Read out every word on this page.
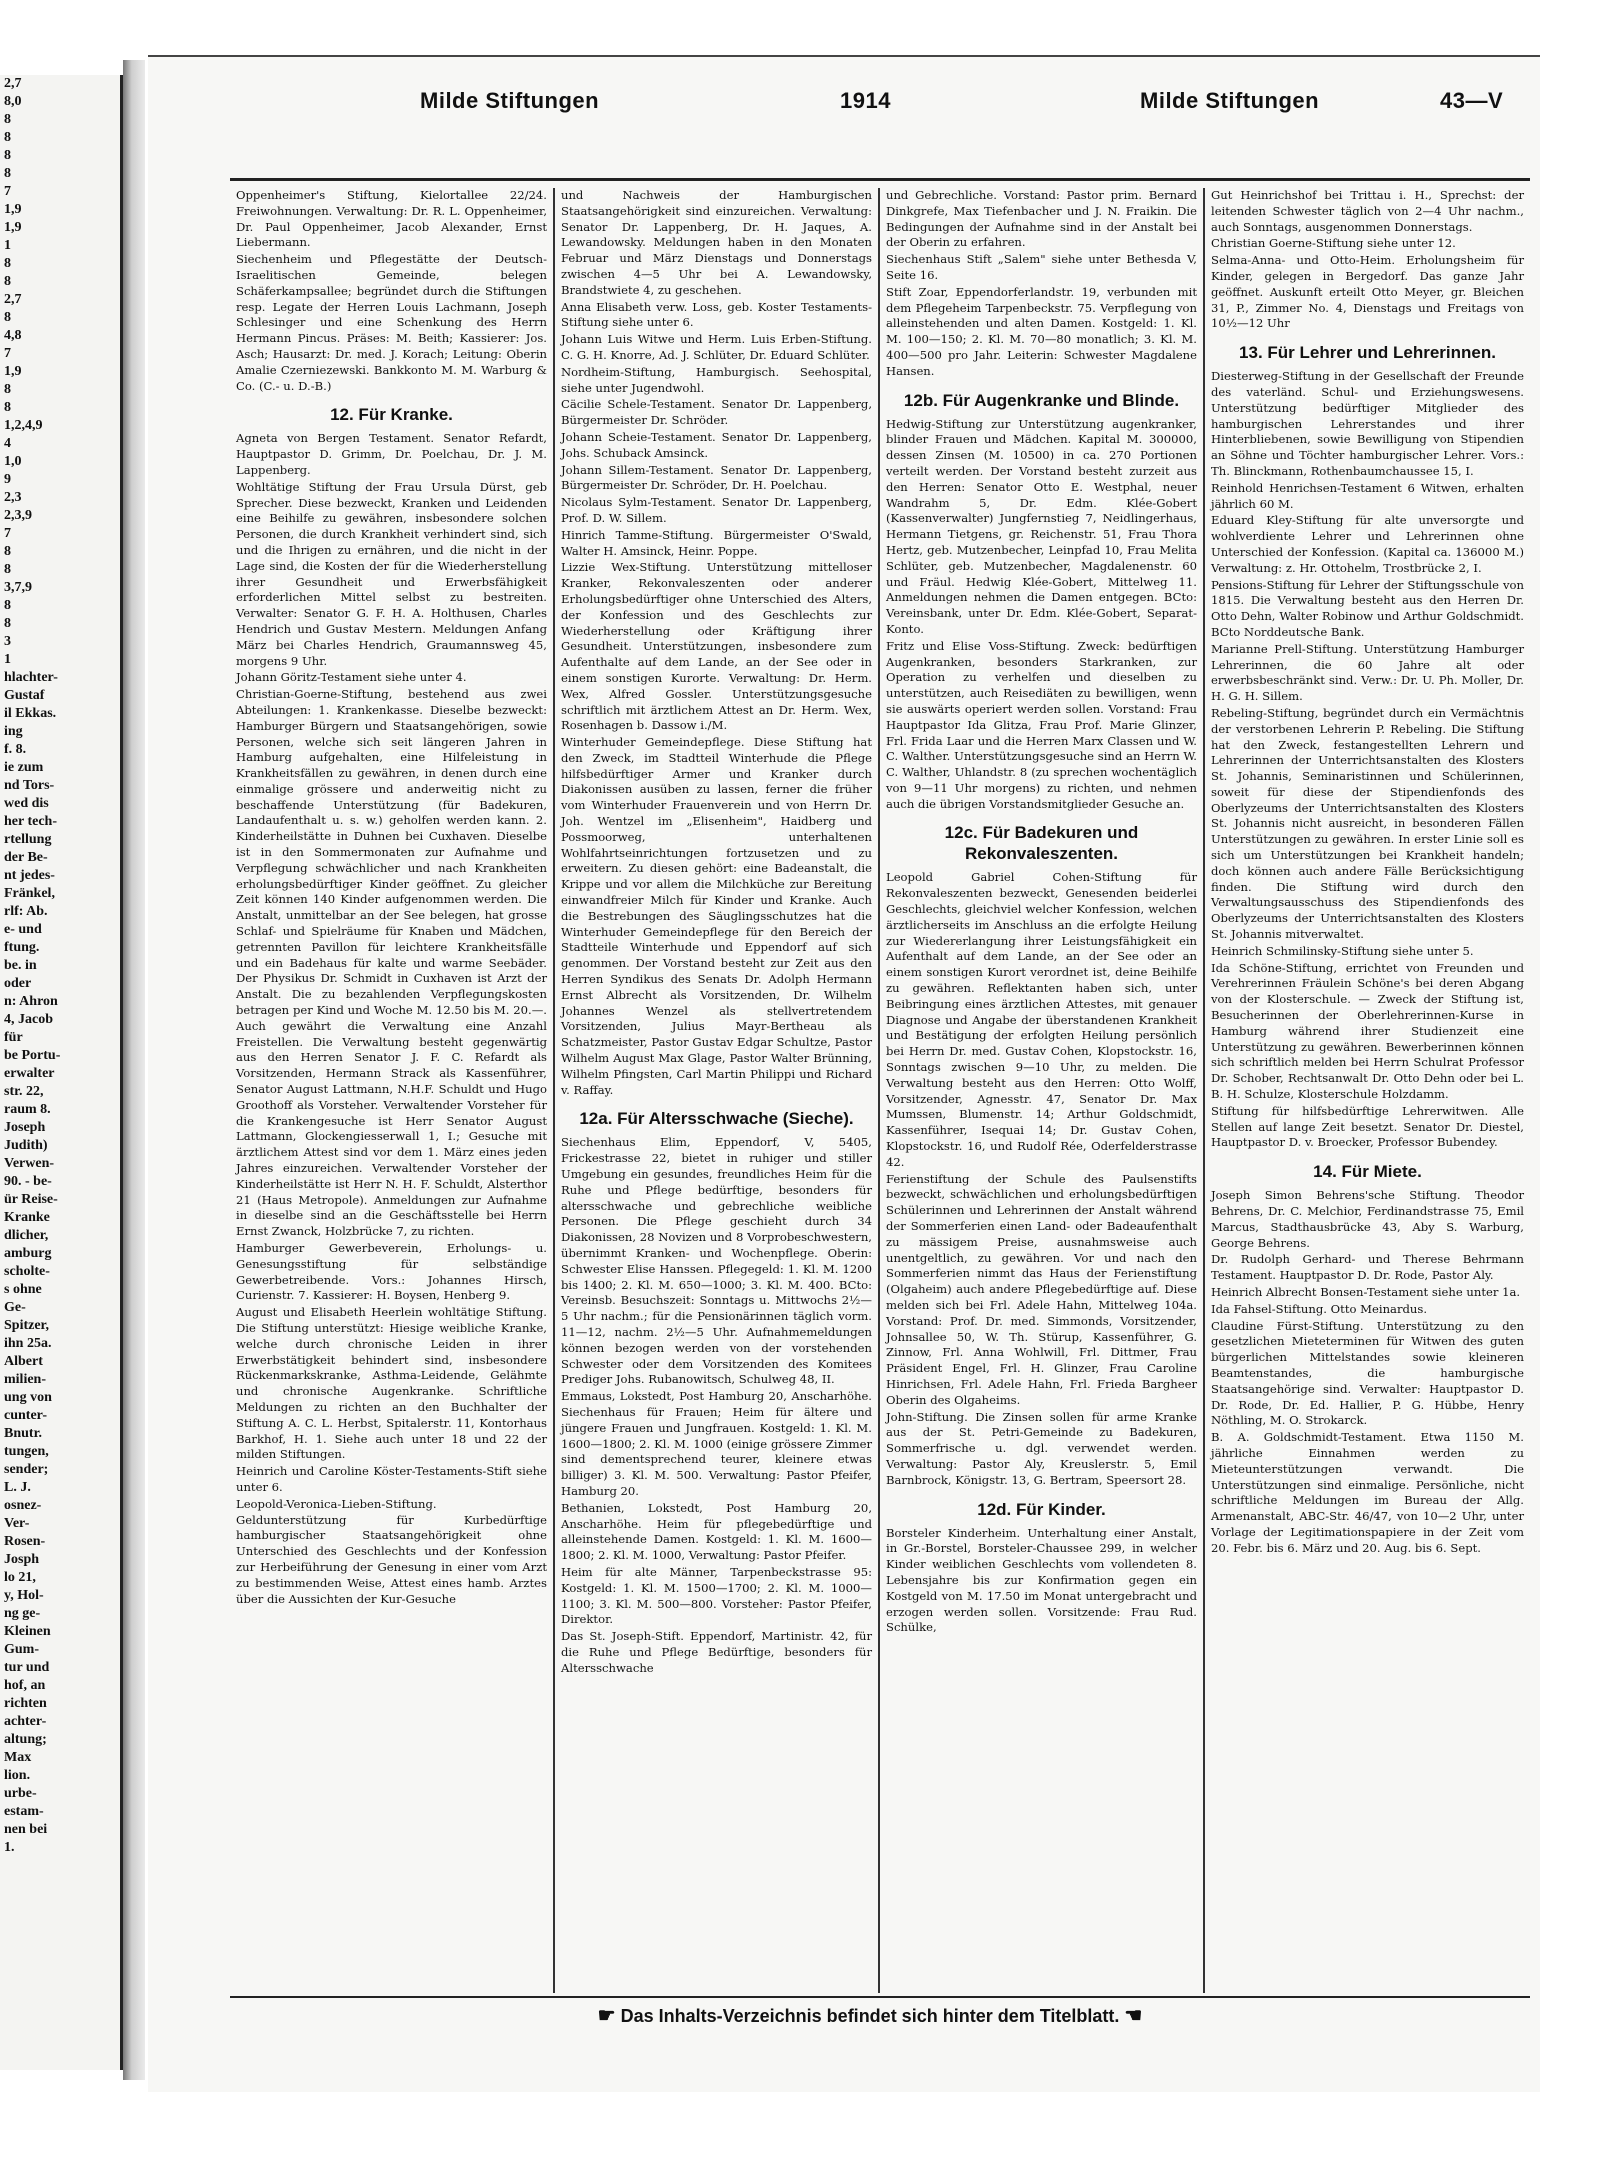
2,7
8,0
8
8
8
8
7
1,9
1,9
1
8
8
2,7
8
4,8
7
1,9
8
8
1,2,4,9
4
1,0
9
2,3
2,3,9
7
8
8
3,7,9
8
8
3
1
hlachter-
Gustaf
il Ekkas.
ing
f. 8.
ie zum
nd Tors-
wed dis
her tech-
rtellung
der Be-
nt jedes-
Fränkel,
rlf: Ab.
e- und
ftung.
be. in
oder
n: Ahron
4, Jacob
für
be Portu-
erwalter
str. 22,
raum 8.
Joseph
Judith)
Verwen-
90. - be-
ür Reise-
Kranke
dlicher,
amburg
scholte-
s ohne
Ge-
Spitzer,
ihn 25a.
Albert
milien-
ung von
cunter-
Bnutr.
tungen,
sender;
L. J.
osnez-
Ver-
Rosen-
Josph
lo 21,
y, Hol-
ng ge-
Kleinen
Gum-
tur und
hof, an
richten
achter-
altung;
Max
lion.
urbe-
estam-
nen bei
1.
Milde Stiftungen	1914	Milde Stiftungen	43—V

Oppenheimer's Stiftung, Kielortallee 22/24. Freiwohnungen. Verwaltung: Dr. R. L. Oppenheimer, Dr. Paul Oppenheimer, Jacob Alexander, Ernst Liebermann.

Siechenheim und Pflegestätte der Deutsch-Israelitischen Gemeinde, belegen Schäferkampsallee; begründet durch die Stiftungen resp. Legate der Herren Louis Lachmann, Joseph Schlesinger und eine Schenkung des Herrn Hermann Pincus. Präses: M. Beith; Kassierer: Jos. Asch; Hausarzt: Dr. med. J. Korach; Leitung: Oberin Amalie Czerniezewski. Bankkonto M. M. Warburg & Co. (C.- u. D.-B.)

12. Für Kranke.

Agneta von Bergen Testament. Senator Refardt, Hauptpastor D. Grimm, Dr. Poelchau, Dr. J. M. Lappenberg.

Wohltätige Stiftung der Frau Ursula Dürst, geb Sprecher. Diese bezweckt, Kranken und Leidenden eine Beihilfe zu gewähren, insbesondere solchen Personen, die durch Krankheit verhindert sind, sich und die Ihrigen zu ernähren, und die nicht in der Lage sind, die Kosten der für die Wiederherstellung ihrer Gesundheit und Erwerbsfähigkeit erforderlichen Mittel selbst zu bestreiten. Verwalter: Senator G. F. H. A. Holthusen, Charles Hendrich und Gustav Mestern. Meldungen Anfang März bei Charles Hendrich, Graumannsweg 45, morgens 9 Uhr.

Johann Göritz-Testament siehe unter 4.

Christian-Goerne-Stiftung, bestehend aus zwei Abteilungen: 1. Krankenkasse. Dieselbe bezweckt: Hamburger Bürgern und Staatsangehörigen, sowie Personen, welche sich seit längeren Jahren in Hamburg aufgehalten, eine Hilfeleistung in Krankheitsfällen zu gewähren, in denen durch eine einmalige grössere und anderweitig nicht zu beschaffende Unterstützung (für Badekuren, Landaufenthalt u. s. w.) geholfen werden kann. 2. Kinderheilstätte in Duhnen bei Cuxhaven. Dieselbe ist in den Sommermonaten zur Aufnahme und Verpflegung schwächlicher und nach Krankheiten erholungsbedürftiger Kinder geöffnet. Zu gleicher Zeit können 140 Kinder aufgenommen werden. Die Anstalt, unmittelbar an der See belegen, hat grosse Schlaf- und Spielräume für Knaben und Mädchen, getrennten Pavillon für leichtere Krankheitsfälle und ein Badehaus für kalte und warme Seebäder. Der Physikus Dr. Schmidt in Cuxhaven ist Arzt der Anstalt. Die zu bezahlenden Verpflegungskosten betragen per Kind und Woche M. 12.50 bis M. 20.—. Auch gewährt die Verwaltung eine Anzahl Freistellen. Die Verwaltung besteht gegenwärtig aus den Herren Senator J. F. C. Refardt als Vorsitzenden, Hermann Strack als Kassenführer, Senator August Lattmann, N.H.F. Schuldt und Hugo Groothoff als Vorsteher. Verwaltender Vorsteher für die Krankengesuche ist Herr Senator August Lattmann, Glockengiesserwall 1, I.; Gesuche mit ärztlichem Attest sind vor dem 1. März eines jeden Jahres einzureichen. Verwaltender Vorsteher der Kinderheilstätte ist Herr N. H. F. Schuldt, Alsterthor 21 (Haus Metropole). Anmeldungen zur Aufnahme in dieselbe sind an die Geschäftsstelle bei Herrn Ernst Zwanck, Holzbrücke 7, zu richten.

Hamburger Gewerbeverein, Erholungs- u. Genesungsstiftung für selbständige Gewerbetreibende. Vors.: Johannes Hirsch, Curienstr. 7. Kassierer: H. Boysen, Henberg 9.

August und Elisabeth Heerlein wohltätige Stiftung. Die Stiftung unterstützt: Hiesige weibliche Kranke, welche durch chronische Leiden in ihrer Erwerbstätigkeit behindert sind, insbesondere Rückenmarkskranke, Asthma-Leidende, Gelähmte und chronische Augenkranke. Schriftliche Meldungen zu richten an den Buchhalter der Stiftung A. C. L. Herbst, Spitalerstr. 11, Kontorhaus Barkhof, H. 1. Siehe auch unter 18 und 22 der milden Stiftungen.

Heinrich und Caroline Köster-Testaments-Stift siehe unter 6.

Leopold-Veronica-Lieben-Stiftung. Geldunterstützung für Kurbedürftige hamburgischer Staatsangehörigkeit ohne Unterschied des Geschlechts und der Konfession zur Herbeiführung der Genesung in einer vom Arzt zu bestimmenden Weise, Attest eines hamb. Arztes über die Aussichten der Kur-Gesuche

und Nachweis der Hamburgischen Staatsangehörigkeit sind einzureichen. Verwaltung: Senator Dr. Lappenberg, Dr. H. Jaques, A. Lewandowsky. Meldungen haben in den Monaten Februar und März Dienstags und Donnerstags zwischen 4—5 Uhr bei A. Lewandowsky, Brandstwiete 4, zu geschehen.

Anna Elisabeth verw. Loss, geb. Koster Testaments-Stiftung siehe unter 6.

Johann Luis Witwe und Herm. Luis Erben-Stiftung. C. G. H. Knorre, Ad. J. Schlüter, Dr. Eduard Schlüter.

Nordheim-Stiftung, Hamburgisch. Seehospital, siehe unter Jugendwohl.

Cäcilie Schele-Testament. Senator Dr. Lappenberg, Bürgermeister Dr. Schröder.

Johann Scheie-Testament. Senator Dr. Lappenberg, Johs. Schuback Amsinck.

Johann Sillem-Testament. Senator Dr. Lappenberg, Bürgermeister Dr. Schröder, Dr. H. Poelchau.

Nicolaus Sylm-Testament. Senator Dr. Lappenberg, Prof. D. W. Sillem.

Hinrich Tamme-Stiftung. Bürgermeister O'Swald, Walter H. Amsinck, Heinr. Poppe.

Lizzie Wex-Stiftung. Unterstützung mittelloser Kranker, Rekonvaleszenten oder anderer Erholungsbedürftiger ohne Unterschied des Alters, der Konfession und des Geschlechts zur Wiederherstellung oder Kräftigung ihrer Gesundheit. Unterstützungen, insbesondere zum Aufenthalte auf dem Lande, an der See oder in einem sonstigen Kurorte. Verwaltung: Dr. Herm. Wex, Alfred Gossler. Unterstützungsgesuche schriftlich mit ärztlichem Attest an Dr. Herm. Wex, Rosenhagen b. Dassow i./M.

Winterhuder Gemeindepflege. Diese Stiftung hat den Zweck, im Stadtteil Winterhude die Pflege hilfsbedürftiger Armer und Kranker durch Diakonissen ausüben zu lassen, ferner die früher vom Winterhuder Frauenverein und von Herrn Dr. Joh. Wentzel im „Elisenheim", Haidberg und Possmoorweg, unterhaltenen Wohlfahrtseinrichtungen fortzusetzen und zu erweitern. Zu diesen gehört: eine Badeanstalt, die Krippe und vor allem die Milchküche zur Bereitung einwandfreier Milch für Kinder und Kranke. Auch die Bestrebungen des Säuglingsschutzes hat die Winterhuder Gemeindepflege für den Bereich der Stadtteile Winterhude und Eppendorf auf sich genommen. Der Vorstand besteht zur Zeit aus den Herren Syndikus des Senats Dr. Adolph Hermann Ernst Albrecht als Vorsitzenden, Dr. Wilhelm Johannes Wenzel als stellvertretendem Vorsitzenden, Julius Mayr-Bertheau als Schatzmeister, Pastor Gustav Edgar Schultze, Pastor Wilhelm August Max Glage, Pastor Walter Brünning, Wilhelm Pfingsten, Carl Martin Philippi und Richard v. Raffay.

12a. Für Altersschwache (Sieche).

Siechenhaus Elim, Eppendorf, V, 5405, Frickestrasse 22, bietet in ruhiger und stiller Umgebung ein gesundes, freundliches Heim für die Ruhe und Pflege bedürftige, besonders für altersschwache und gebrechliche weibliche Personen. Die Pflege geschieht durch 34 Diakonissen, 28 Novizen und 8 Vorprobeschwestern, übernimmt Kranken- und Wochenpflege. Oberin: Schwester Elise Hanssen. Pflegegeld: 1. Kl. M. 1200 bis 1400; 2. Kl. M. 650—1000; 3. Kl. M. 400. BCto: Vereinsb. Besuchszeit: Sonntags u. Mittwochs 2½—5 Uhr nachm.; für die Pensionärinnen täglich vorm. 11—12, nachm. 2½—5 Uhr. Aufnahmemeldungen können bezogen werden von der vorstehenden Schwester oder dem Vorsitzenden des Komitees Prediger Johs. Rubanowitsch, Schulweg 48, II.

Emmaus, Lokstedt, Post Hamburg 20, Anscharhöhe. Siechenhaus für Frauen; Heim für ältere und jüngere Frauen und Jungfrauen. Kostgeld: 1. Kl. M. 1600—1800; 2. Kl. M. 1000 (einige grössere Zimmer sind dementsprechend teurer, kleinere etwas billiger) 3. Kl. M. 500. Verwaltung: Pastor Pfeifer, Hamburg 20.

Bethanien, Lokstedt, Post Hamburg 20, Anscharhöhe. Heim für pflegebedürftige und alleinstehende Damen. Kostgeld: 1. Kl. M. 1600—1800; 2. Kl. M. 1000, Verwaltung: Pastor Pfeifer.

Heim für alte Männer, Tarpenbeckstrasse 95: Kostgeld: 1. Kl. M. 1500—1700; 2. Kl. M. 1000—1100; 3. Kl. M. 500—800. Vorsteher: Pastor Pfeifer, Direktor.

Das St. Joseph-Stift. Eppendorf, Martinistr. 42, für die Ruhe und Pflege Bedürftige, besonders für Altersschwache

und Gebrechliche. Vorstand: Pastor prim. Bernard Dinkgrefe, Max Tiefenbacher und J. N. Fraikin. Die Bedingungen der Aufnahme sind in der Anstalt bei der Oberin zu erfahren.

Siechenhaus Stift „Salem" siehe unter Bethesda V, Seite 16.

Stift Zoar, Eppendorferlandstr. 19, verbunden mit dem Pflegeheim Tarpenbeckstr. 75. Verpflegung von alleinstehenden und alten Damen. Kostgeld: 1. Kl. M. 100—150; 2. Kl. M. 70—80 monatlich; 3. Kl. M. 400—500 pro Jahr. Leiterin: Schwester Magdalene Hansen.

12b. Für Augenkranke und Blinde.

Hedwig-Stiftung zur Unterstützung augenkranker, blinder Frauen und Mädchen. Kapital M. 300000, dessen Zinsen (M. 10500) in ca. 270 Portionen verteilt werden. Der Vorstand besteht zurzeit aus den Herren: Senator Otto E. Westphal, neuer Wandrahm 5, Dr. Edm. Klée-Gobert (Kassenverwalter) Jungfernstieg 7, Neidlingerhaus, Hermann Tietgens, gr. Reichenstr. 51, Frau Thora Hertz, geb. Mutzenbecher, Leinpfad 10, Frau Melita Schlüter, geb. Mutzenbecher, Magdalenenstr. 60 und Fräul. Hedwig Klée-Gobert, Mittelweg 11. Anmeldungen nehmen die Damen entgegen. BCto: Vereinsbank, unter Dr. Edm. Klée-Gobert, Separat-Konto.

Fritz und Elise Voss-Stiftung. Zweck: bedürftigen Augenkranken, besonders Starkranken, zur Operation zu verhelfen und dieselben zu unterstützen, auch Reisediäten zu bewilligen, wenn sie auswärts operiert werden sollen. Vorstand: Frau Hauptpastor Ida Glitza, Frau Prof. Marie Glinzer, Frl. Frida Laar und die Herren Marx Classen und W. C. Walther. Unterstützungsgesuche sind an Herrn W. C. Walther, Uhlandstr. 8 (zu sprechen wochentäglich von 9—11 Uhr morgens) zu richten, und nehmen auch die übrigen Vorstandsmitglieder Gesuche an.

12c. Für Badekuren und Rekonvaleszenten.

Leopold Gabriel Cohen-Stiftung für Rekonvaleszenten bezweckt, Genesenden beiderlei Geschlechts, gleichviel welcher Konfession, welchen ärztlicherseits im Anschluss an die erfolgte Heilung zur Wiedererlangung ihrer Leistungsfähigkeit ein Aufenthalt auf dem Lande, an der See oder an einem sonstigen Kurort verordnet ist, deine Beihilfe zu gewähren. Reflektanten haben sich, unter Beibringung eines ärztlichen Attestes, mit genauer Diagnose und Angabe der überstandenen Krankheit und Bestätigung der erfolgten Heilung persönlich bei Herrn Dr. med. Gustav Cohen, Klopstockstr. 16, Sonntags zwischen 9—10 Uhr, zu melden. Die Verwaltung besteht aus den Herren: Otto Wolff, Vorsitzender, Agnesstr. 47, Senator Dr. Max Mumssen, Blumenstr. 14; Arthur Goldschmidt, Kassenführer, Isequai 14; Dr. Gustav Cohen, Klopstockstr. 16, und Rudolf Rée, Oderfelderstrasse 42.

Ferienstiftung der Schule des Paulsenstifts bezweckt, schwächlichen und erholungsbedürftigen Schülerinnen und Lehrerinnen der Anstalt während der Sommerferien einen Land- oder Badeaufenthalt zu mässigem Preise, ausnahmsweise auch unentgeltlich, zu gewähren. Vor und nach den Sommerferien nimmt das Haus der Ferienstiftung (Olgaheim) auch andere Pflegebedürftige auf. Diese melden sich bei Frl. Adele Hahn, Mittelweg 104a. Vorstand: Prof. Dr. med. Simmonds, Vorsitzender, Johnsallee 50, W. Th. Stürup, Kassenführer, G. Zinnow, Frl. Anna Wohlwill, Frl. Dittmer, Frau Präsident Engel, Frl. H. Glinzer, Frau Caroline Hinrichsen, Frl. Adele Hahn, Frl. Frieda Bargheer Oberin des Olgaheims.

John-Stiftung. Die Zinsen sollen für arme Kranke aus der St. Petri-Gemeinde zu Badekuren, Sommerfrische u. dgl. verwendet werden. Verwaltung: Pastor Aly, Kreuslerstr. 5, Emil Barnbrock, Königstr. 13, G. Bertram, Speersort 28.

12d. Für Kinder.

Borsteler Kinderheim. Unterhaltung einer Anstalt, in Gr.-Borstel, Borsteler-Chaussee 299, in welcher Kinder weiblichen Geschlechts vom vollendeten 8. Lebensjahre bis zur Konfirmation gegen ein Kostgeld von M. 17.50 im Monat untergebracht und erzogen werden sollen. Vorsitzende: Frau Rud. Schülke,

Gut Heinrichshof bei Trittau i. H., Sprechst: der leitenden Schwester täglich von 2—4 Uhr nachm., auch Sonntags, ausgenommen Donnerstags.

Christian Goerne-Stiftung siehe unter 12.

Selma-Anna- und Otto-Heim. Erholungsheim für Kinder, gelegen in Bergedorf. Das ganze Jahr geöffnet. Auskunft erteilt Otto Meyer, gr. Bleichen 31, P., Zimmer No. 4, Dienstags und Freitags von 10½—12 Uhr

13. Für Lehrer und Lehrerinnen.

Diesterweg-Stiftung in der Gesellschaft der Freunde des vaterländ. Schul- und Erziehungswesens. Unterstützung bedürftiger Mitglieder des hamburgischen Lehrerstandes und ihrer Hinterbliebenen, sowie Bewilligung von Stipendien an Söhne und Töchter hamburgischer Lehrer. Vors.: Th. Blinckmann, Rothenbaumchaussee 15, I.

Reinhold Henrichsen-Testament 6 Witwen, erhalten jährlich 60 M.

Eduard Kley-Stiftung für alte unversorgte und wohlverdiente Lehrer und Lehrerinnen ohne Unterschied der Konfession. (Kapital ca. 136000 M.) Verwaltung: z. Hr. Ottohelm, Trostbrücke 2, I.

Pensions-Stiftung für Lehrer der Stiftungsschule von 1815. Die Verwaltung besteht aus den Herren Dr. Otto Dehn, Walter Robinow und Arthur Goldschmidt. BCto Norddeutsche Bank.

Marianne Prell-Stiftung. Unterstützung Hamburger Lehrerinnen, die 60 Jahre alt oder erwerbsbeschränkt sind. Verw.: Dr. U. Ph. Moller, Dr. H. G. H. Sillem.

Rebeling-Stiftung, begründet durch ein Vermächtnis der verstorbenen Lehrerin P. Rebeling. Die Stiftung hat den Zweck, festangestellten Lehrern und Lehrerinnen der Unterrichtsanstalten des Klosters St. Johannis, Seminaristinnen und Schülerinnen, soweit für diese der Stipendienfonds des Oberlyzeums der Unterrichtsanstalten des Klosters St. Johannis nicht ausreicht, in besonderen Fällen Unterstützungen zu gewähren. In erster Linie soll es sich um Unterstützungen bei Krankheit handeln; doch können auch andere Fälle Berücksichtigung finden. Die Stiftung wird durch den Verwaltungsausschuss des Stipendienfonds des Oberlyzeums der Unterrichtsanstalten des Klosters St. Johannis mitverwaltet.

Heinrich Schmilinsky-Stiftung siehe unter 5.

Ida Schöne-Stiftung, errichtet von Freunden und Verehrerinnen Fräulein Schöne's bei deren Abgang von der Klosterschule. — Zweck der Stiftung ist, Besucherinnen der Oberlehrerinnen-Kurse in Hamburg während ihrer Studienzeit eine Unterstützung zu gewähren. Bewerberinnen können sich schriftlich melden bei Herrn Schulrat Professor Dr. Schober, Rechtsanwalt Dr. Otto Dehn oder bei L. B. H. Schulze, Klosterschule Holzdamm.

Stiftung für hilfsbedürftige Lehrerwitwen. Alle Stellen auf lange Zeit besetzt. Senator Dr. Diestel, Hauptpastor D. v. Broecker, Professor Bubendey.

14. Für Miete.

Joseph Simon Behrens'sche Stiftung. Theodor Behrens, Dr. C. Melchior, Ferdinandstrasse 75, Emil Marcus, Stadthausbrücke 43, Aby S. Warburg, George Behrens.

Dr. Rudolph Gerhard- und Therese Behrmann Testament. Hauptpastor D. Dr. Rode, Pastor Aly.

Heinrich Albrecht Bonsen-Testament siehe unter 1a.

Ida Fahsel-Stiftung. Otto Meinardus.

Claudine Fürst-Stiftung. Unterstützung zu den gesetzlichen Mieteterminen für Witwen des guten bürgerlichen Mittelstandes sowie kleineren Beamtenstandes, die hamburgische Staatsangehörige sind. Verwalter: Hauptpastor D. Dr. Rode, Dr. Ed. Hallier, P. G. Hübbe, Henry Nöthling, M. O. Strokarck.

B. A. Goldschmidt-Testament. Etwa 1150 M. jährliche Einnahmen werden zu Mieteunterstützungen verwandt. Die Unterstützungen sind einmalige. Persönliche, nicht schriftliche Meldungen im Bureau der Allg. Armenanstalt, ABC-Str. 46/47, von 10—2 Uhr, unter Vorlage der Legitimationspapiere in der Zeit vom 20. Febr. bis 6. März und 20. Aug. bis 6. Sept.

☛ Das Inhalts-Verzeichnis befindet sich hinter dem Titelblatt. ☚
